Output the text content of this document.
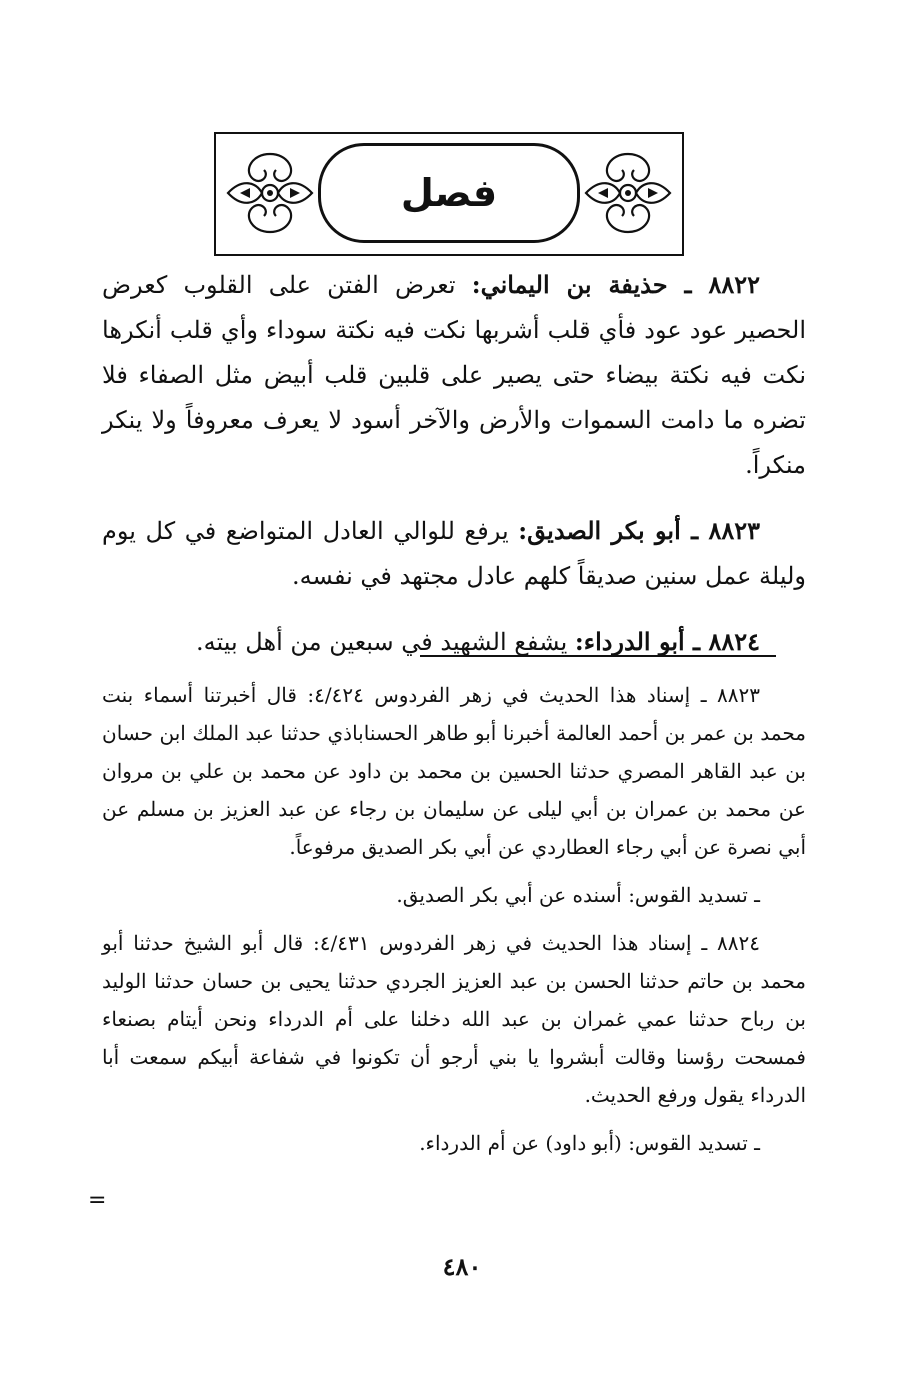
فصل

٨٨٢٢ ـ حذيفة بن اليماني: تعرض الفتن على القلوب كعرض الحصير عود عود فأي قلب أشربها نكت فيه نكتة سوداء وأي قلب أنكرها نكت فيه نكتة بيضاء حتى يصير على قلبين قلب أبيض مثل الصفاء فلا تضره ما دامت السموات والأرض والآخر أسود لا يعرف معروفاً ولا ينكر منكراً.

٨٨٢٣ ـ أبو بكر الصديق: يرفع للوالي العادل المتواضع في كل يوم وليلة عمل سنين صديقاً كلهم عادل مجتهد في نفسه.

٨٨٢٤ ـ أبو الدرداء: يشفع الشهيد في سبعين من أهل بيته.

٨٨٢٣ ـ إسناد هذا الحديث في زهر الفردوس ٤/٤٢٤: قال أخبرتنا أسماء بنت محمد بن عمر بن أحمد العالمة أخبرنا أبو طاهر الحسناباذي حدثنا عبد الملك ابن حسان بن عبد القاهر المصري حدثنا الحسين بن محمد بن داود عن محمد بن علي بن مروان عن محمد بن عمران بن أبي ليلى عن سليمان بن رجاء عن عبد العزيز بن مسلم عن أبي نصرة عن أبي رجاء العطاردي عن أبي بكر الصديق مرفوعاً.

ـ تسديد القوس: أسنده عن أبي بكر الصديق.

٨٨٢٤ ـ إسناد هذا الحديث في زهر الفردوس ٤/٤٣١: قال أبو الشيخ حدثنا أبو محمد بن حاتم حدثنا الحسن بن عبد العزيز الجردي حدثنا يحيى بن حسان حدثنا الوليد بن رباح حدثنا عمي غمران بن عبد الله دخلنا على أم الدرداء ونحن أيتام بصنعاء فمسحت رؤسنا وقالت أبشروا يا بني أرجو أن تكونوا في شفاعة أبيكم سمعت أبا الدرداء يقول ورفع الحديث.

ـ تسديد القوس: (أبو داود) عن أم الدرداء.

=
٤٨٠
